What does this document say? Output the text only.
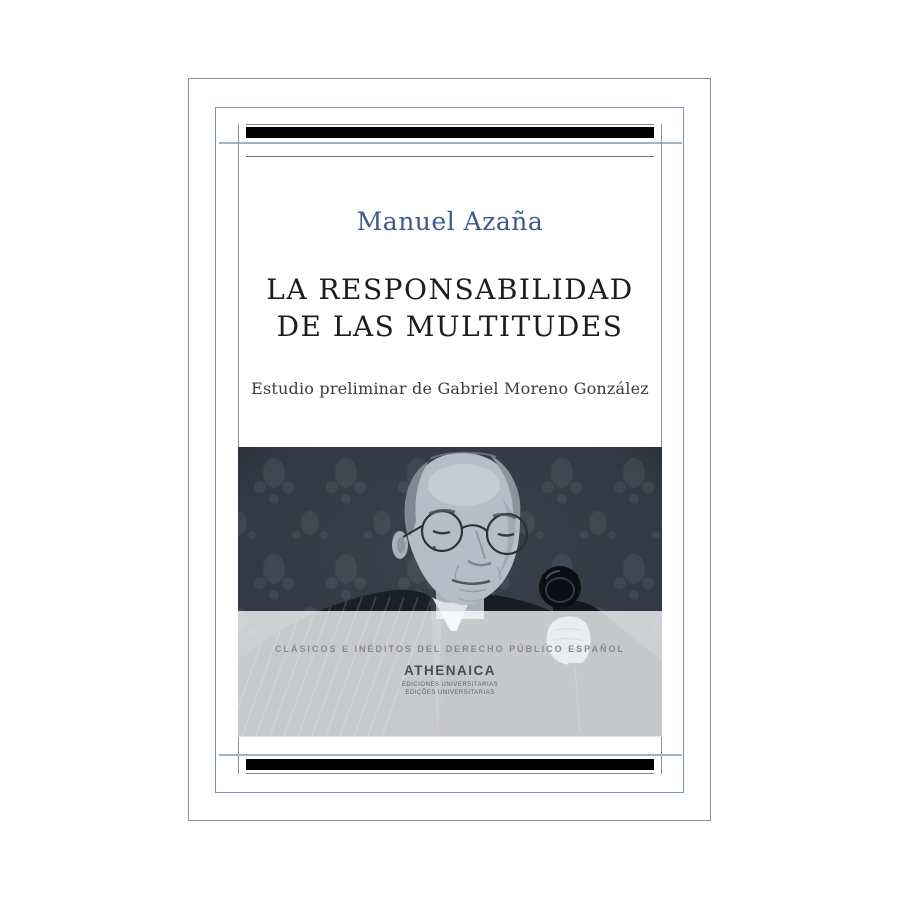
Manuel Azaña
LA RESPONSABILIDAD
DE LAS MULTITUDES
Estudio preliminar de Gabriel Moreno González
CLÁSICOS E INÉDITOS DEL DERECHO PÚBLICO ESPAÑOL
ATHENAICA
EDICIONES UNIVERSITARIAS
EDIÇÕES UNIVERSITARIAS
